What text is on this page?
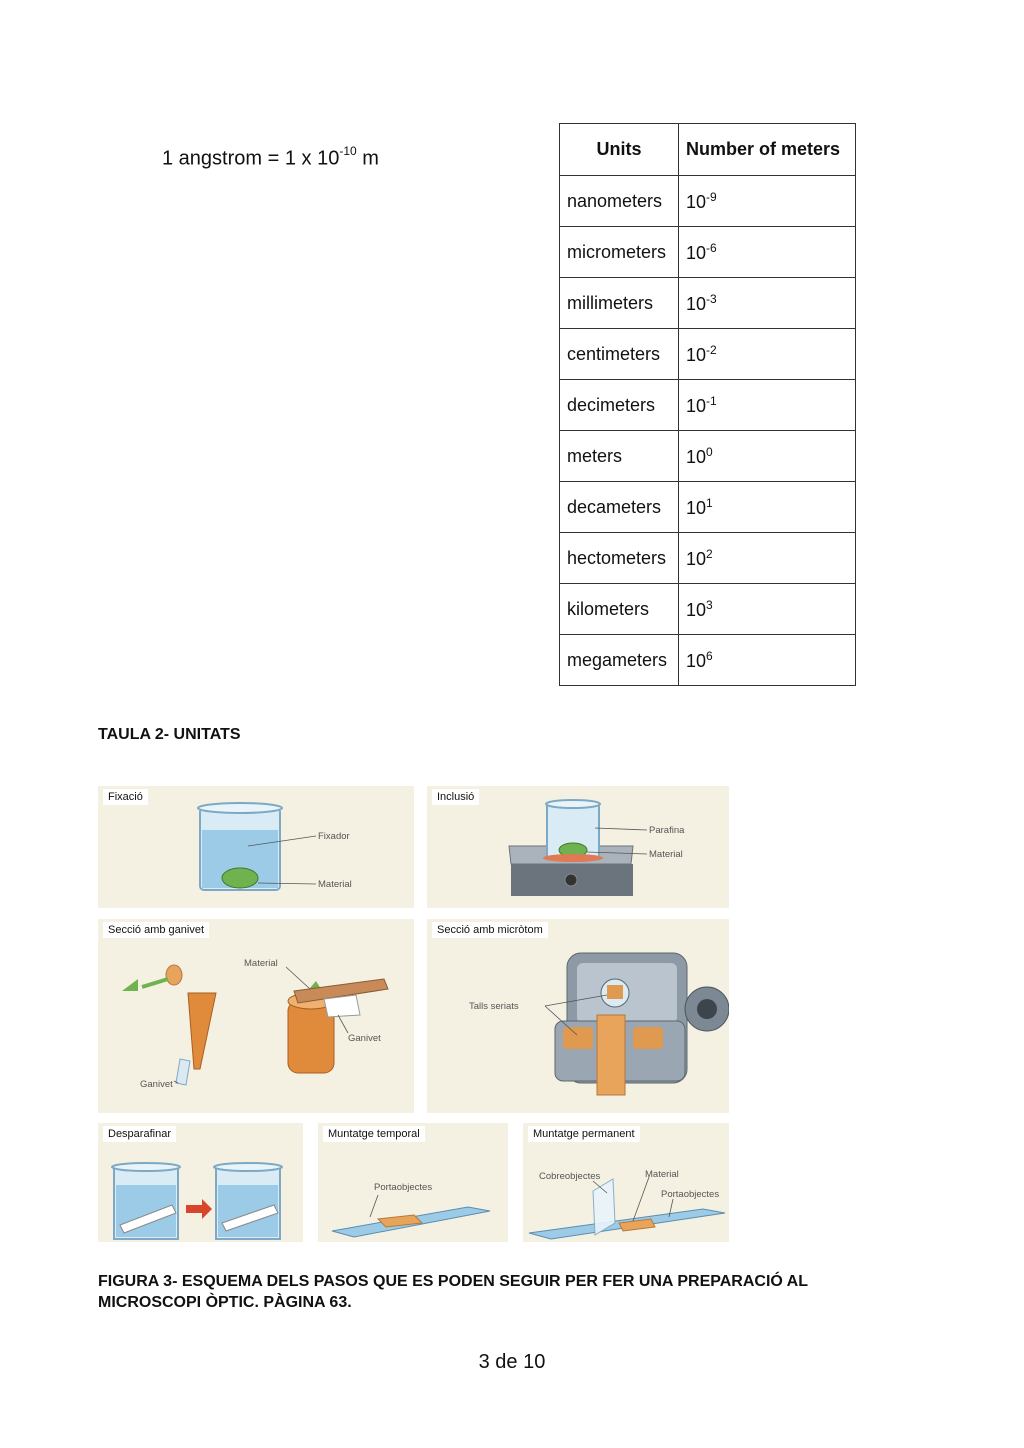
1 angstrom = 1 x $10^{-10}$ m	Units	Number of meters
nanometers	$10^{-9}$
micrometers	$10^{-6}$
millimeters	$10^{-3}$
centimeters	$10^{-2}$
decimeters	$10^{-1}$
meters	$10^0$
decameters	$10^1$
hectometers	$10^2$
kilometers	$10^3$
megameters	$10^6$
TAULA 2- UNITATS
Fixació
Fixador
Material
Inclusió
Parafina
Material
Secció amb ganivet
Material
Ganivet
Ganivet
Secció amb micròtom
Talls seriats
Desparafinar	Muntatge temporal
Portaobjectes
Muntatge permanent
Cobreobjectes	Material
Portaobjectes
FIGURA 3- ESQUEMA DELS PASOS QUE ES PODEN SEGUIR PER FER UNA PREPARACIÓ AL MICROSCOPI ÒPTIC. PÀGINA 63.
3 de 10
